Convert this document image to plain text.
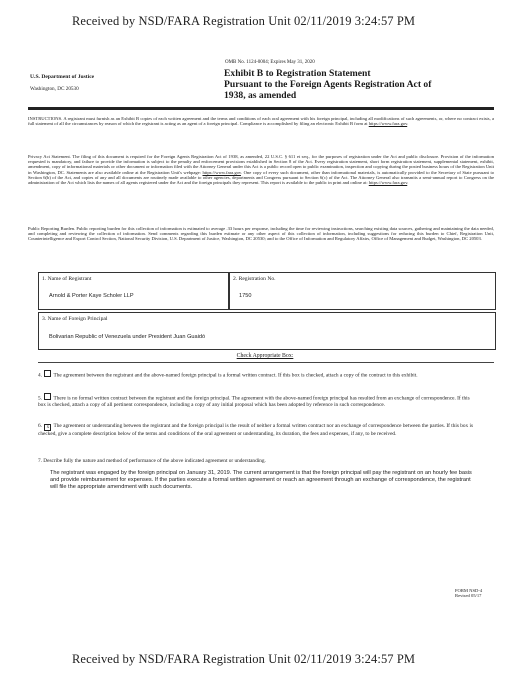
Received by NSD/FARA Registration Unit 02/11/2019 3:24:57 PM
U.S. Department of Justice
Washington, DC 20530
OMB No. 1124-0004; Expires May 31, 2020
Exhibit B to Registration Statement
Pursuant to the Foreign Agents Registration Act of
1938, as amended
INSTRUCTIONS. A registrant must furnish as an Exhibit B copies of each written agreement and the terms and conditions of each oral agreement with his foreign principal, including all modifications of such agreements, or, where no contract exists, a full statement of all the circumstances by reason of which the registrant is acting as an agent of a foreign principal. Compliance is accomplished by filing an electronic Exhibit B form at https://www.fara.gov.
Privacy Act Statement. The filing of this document is required for the Foreign Agents Registration Act of 1938, as amended, 22 U.S.C. § 611 et seq., for the purposes of registration under the Act and public disclosure. Provision of the information requested is mandatory, and failure to provide the information is subject to the penalty and enforcement provisions established in Section 8 of the Act. Every registration statement, short form registration statement, supplemental statement, exhibit, amendment, copy of informational materials or other document or information filed with the Attorney General under this Act is a public record open to public examination, inspection and copying during the posted business hours of the Registration Unit in Washington, DC. Statements are also available online at the Registration Unit's webpage: https://www.fara.gov. One copy of every such document, other than informational materials, is automatically provided to the Secretary of State pursuant to Section 6(b) of the Act, and copies of any and all documents are routinely made available to other agencies, departments and Congress pursuant to Section 6(c) of the Act. The Attorney General also transmits a semi-annual report to Congress on the administration of the Act which lists the names of all agents registered under the Act and the foreign principals they represent. This report is available to the public in print and online at: https://www.fara.gov.
Public Reporting Burden. Public reporting burden for this collection of information is estimated to average .33 hours per response, including the time for reviewing instructions, searching existing data sources, gathering and maintaining the data needed, and completing and reviewing the collection of information. Send comments regarding this burden estimate or any other aspect of this collection of information, including suggestions for reducing this burden to Chief, Registration Unit, Counterintelligence and Export Control Section, National Security Division, U.S. Department of Justice, Washington, DC 20530; and to the Office of Information and Regulatory Affairs, Office of Management and Budget, Washington, DC 20503.
1. Name of Registrant
Arnold & Porter Kaye Scholer LLP
2. Registration No.
1750
3. Name of Foreign Principal
Bolivarian Republic of Venezuela under President Juan Guaidó
Check Appropriate Box:
4.  The agreement between the registrant and the above-named foreign principal is a formal written contract. If this box is checked, attach a copy of the contract to this exhibit.
5.  There is no formal written contract between the registrant and the foreign principal. The agreement with the above-named foreign principal has resulted from an exchange of correspondence. If this box is checked, attach a copy of all pertinent correspondence, including a copy of any initial proposal which has been adopted by reference in such correspondence.
6. x The agreement or understanding between the registrant and the foreign principal is the result of neither a formal written contract nor an exchange of correspondence between the parties. If this box is checked, give a complete description below of the terms and conditions of the oral agreement or understanding, its duration, the fees and expenses, if any, to be received.
7. Describe fully the nature and method of performance of the above indicated agreement or understanding.
The registrant was engaged by the foreign principal on January 31, 2019. The current arrangement is that the foreign principal will pay the registrant on an hourly fee basis and provide reimbursement for expenses. If the parties execute a formal written agreement or reach an agreement through an exchange of correspondence, the registrant will file the appropriate amendment with such documents.
FORM NSD-4
Revised 05/17
Received by NSD/FARA Registration Unit 02/11/2019 3:24:57 PM
